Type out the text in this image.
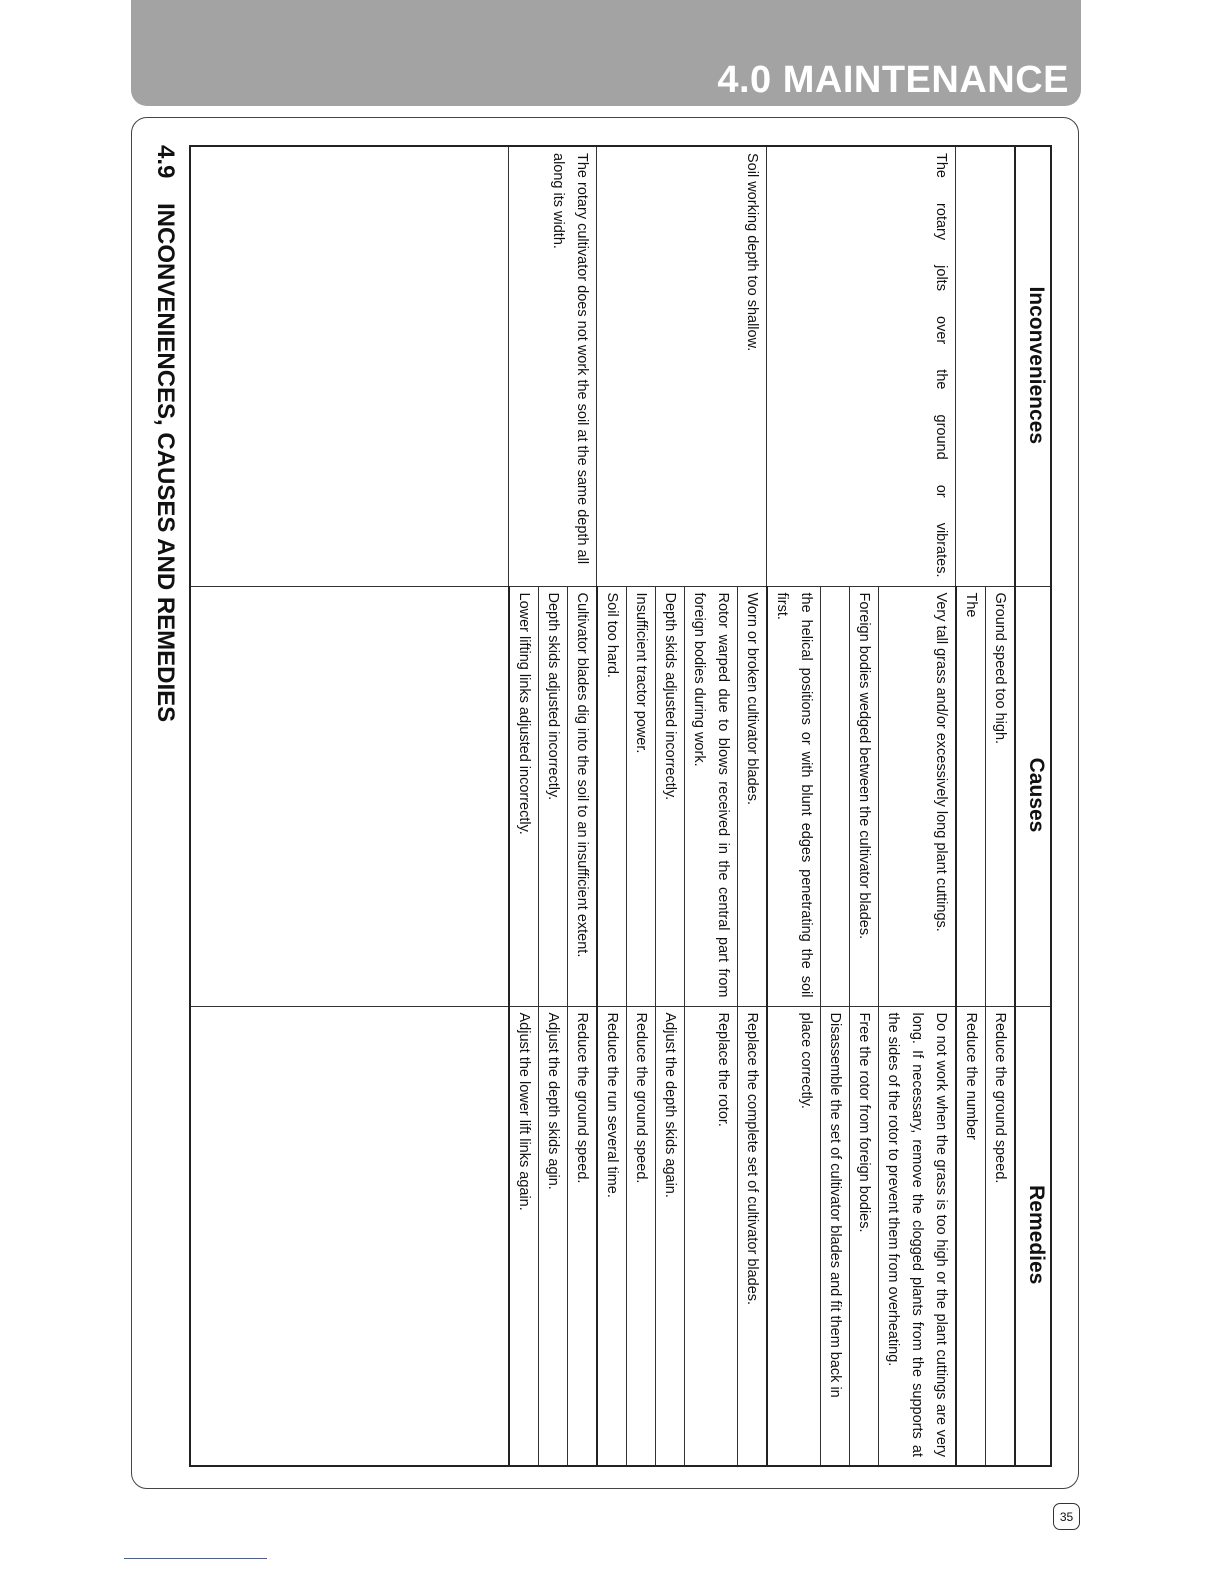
4.0 MAINTENANCE
Inconveniences	Causes	Remedies
	Ground speed too high.	Reduce the ground speed.
	The	Reduce the number
The rotary jolts over the ground or vibrates.	Very tall grass and/or excessively long plant cuttings.	Do not work when the grass is too high or the plant cuttings are very long. If necessary, remove the clogged plants from the supports at the sides of the rotor to prevent them from overheating.
	Foreign bodies wedged between the cultivator blades.	Free the rotor from foreign bodies.
		Disassemble the set of cultivator blades and fit them back in
	the helical positions or with blunt edges penetrating the soil first.	place correctly.
Soil working depth too shallow.	Worn or broken cultivator blades.	Replace the complete set of cultivator blades.
	Rotor warped due to blows received in the central part from foreign bodies during work.	Replace the rotor.
	Depth skids adjusted incorrectly.	Adjust the depth skids again.
	Insufficient tractor power.	Reduce the ground speed.
	Soil too hard.	Reduce the run several time.
The rotary cultivator does not work the soil at the same depth all along its width.	Cultivator blades dig into the soil to an insufficient extent.	Reduce the ground speed.
	Depth skids adjusted incorrectly.	Adjust the depth skids agin.
	Lower lifting links adjusted incorrectly.	Adjust the lower lift links again.

4.9INCONVENIENCES, CAUSES AND REMEDIES
35
